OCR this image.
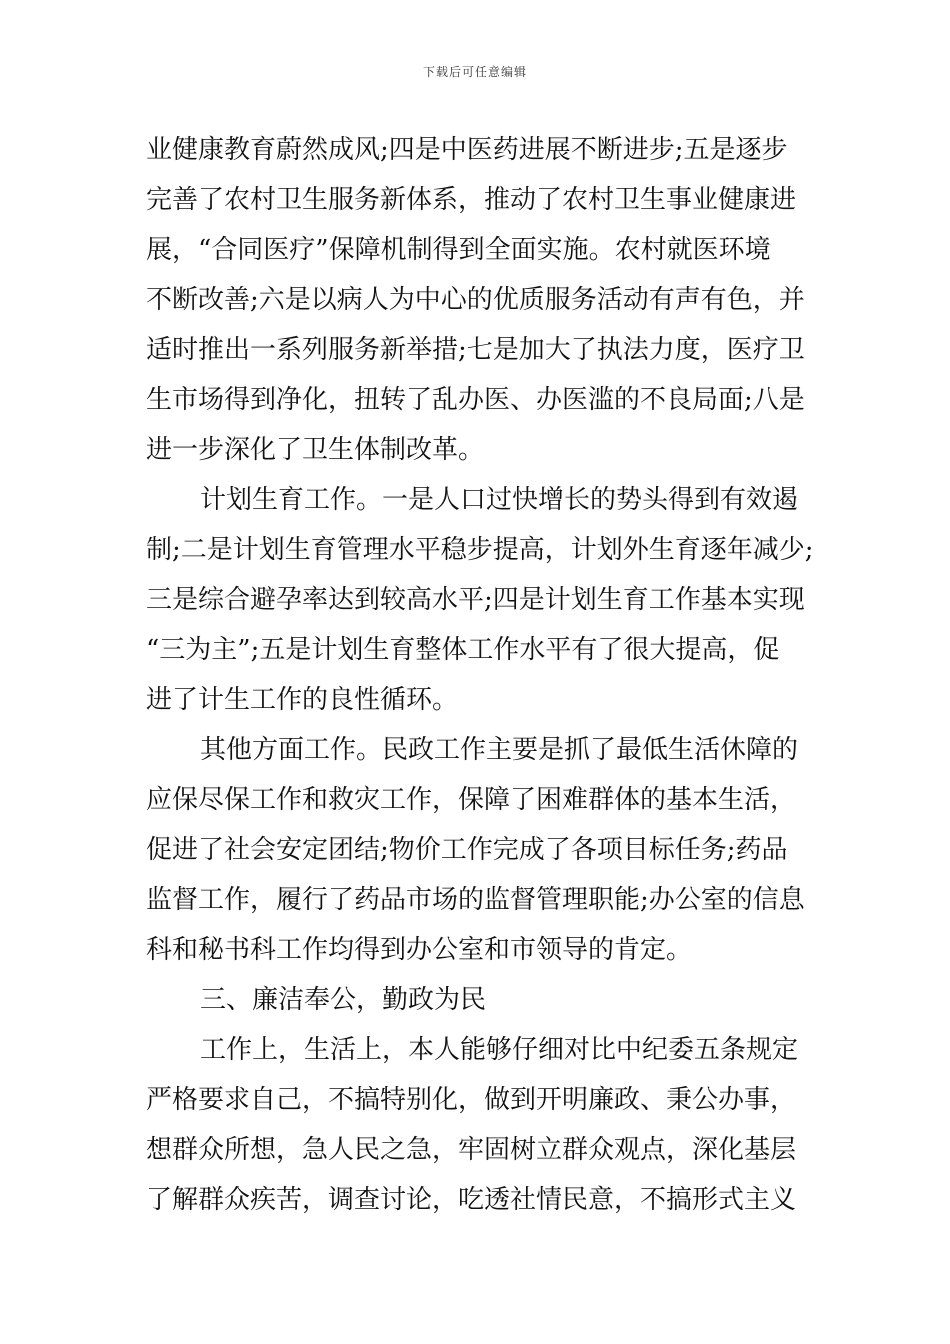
下载后可任意编辑
业健康教育蔚然成风;四是中医药进展不断进步;五是逐步
完善了农村卫生服务新体系，推动了农村卫生事业健康进
展，“合同医疗”保障机制得到全面实施。农村就医环境
不断改善;六是以病人为中心的优质服务活动有声有色，并
适时推出一系列服务新举措;七是加大了执法力度，医疗卫
生市场得到净化，扭转了乱办医、办医滥的不良局面;八是
进一步深化了卫生体制改革。
计划生育工作。一是人口过快增长的势头得到有效遏
制;二是计划生育管理水平稳步提高，计划外生育逐年减少;
三是综合避孕率达到较高水平;四是计划生育工作基本实现
“三为主”;五是计划生育整体工作水平有了很大提高，促
进了计生工作的良性循环。
其他方面工作。民政工作主要是抓了最低生活休障的
应保尽保工作和救灾工作，保障了困难群体的基本生活，
促进了社会安定团结;物价工作完成了各项目标任务;药品
监督工作，履行了药品市场的监督管理职能;办公室的信息
科和秘书科工作均得到办公室和市领导的肯定。
三、廉洁奉公，勤政为民
工作上，生活上，本人能够仔细对比中纪委五条规定
严格要求自己，不搞特别化，做到开明廉政、秉公办事，
想群众所想，急人民之急，牢固树立群众观点，深化基层
了解群众疾苦，调查讨论，吃透社情民意，不搞形式主义
